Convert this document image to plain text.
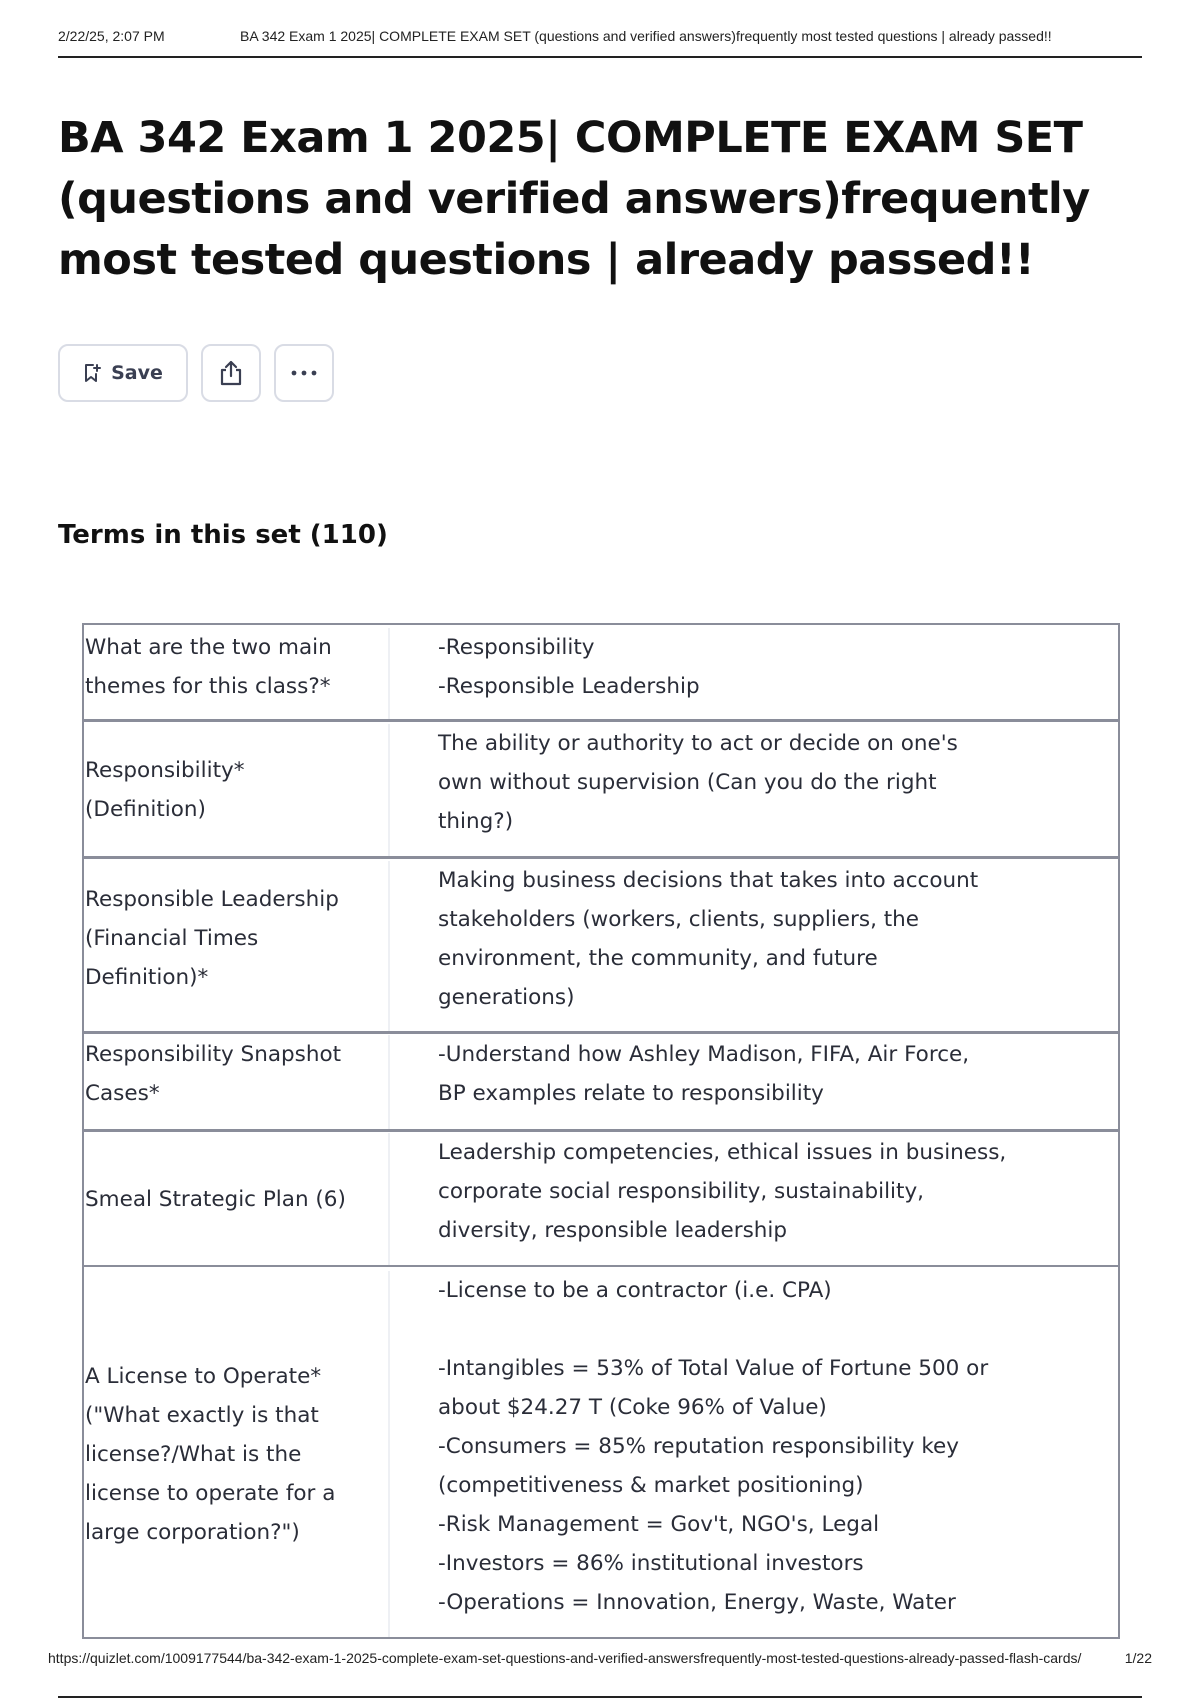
2/22/25, 2:07 PM	BA 342 Exam 1 2025| COMPLETE EXAM SET (questions and verified answers)frequently most tested questions | already passed!!
BA 342 Exam 1 2025| COMPLETE EXAM SET (questions and verified answers)frequently most tested questions | already passed!!
Save
Terms in this set (110)
What are the two main
themes for this class?*
-Responsibility
-Responsible Leadership
Responsibility*
(Definition)
The ability or authority to act or decide on one's
own without supervision (Can you do the right
thing?)
Responsible Leadership
(Financial Times
Definition)*
Making business decisions that takes into account
stakeholders (workers, clients, suppliers, the
environment, the community, and future
generations)
Responsibility Snapshot
Cases*
-Understand how Ashley Madison, FIFA, Air Force,
BP examples relate to responsibility
Smeal Strategic Plan (6)
Leadership competencies, ethical issues in business,
corporate social responsibility, sustainability,
diversity, responsible leadership
A License to Operate*
("What exactly is that
license?/What is the
license to operate for a
large corporation?")
-License to be a contractor (i.e. CPA)

-Intangibles = 53% of Total Value of Fortune 500 or
about $24.27 T (Coke 96% of Value)
-Consumers = 85% reputation responsibility key
(competitiveness & market positioning)
-Risk Management = Gov't, NGO's, Legal
-Investors = 86% institutional investors
-Operations = Innovation, Energy, Waste, Water
https://quizlet.com/1009177544/ba-342-exam-1-2025-complete-exam-set-questions-and-verified-answersfrequently-most-tested-questions-already-passed-flash-cards/	1/22
